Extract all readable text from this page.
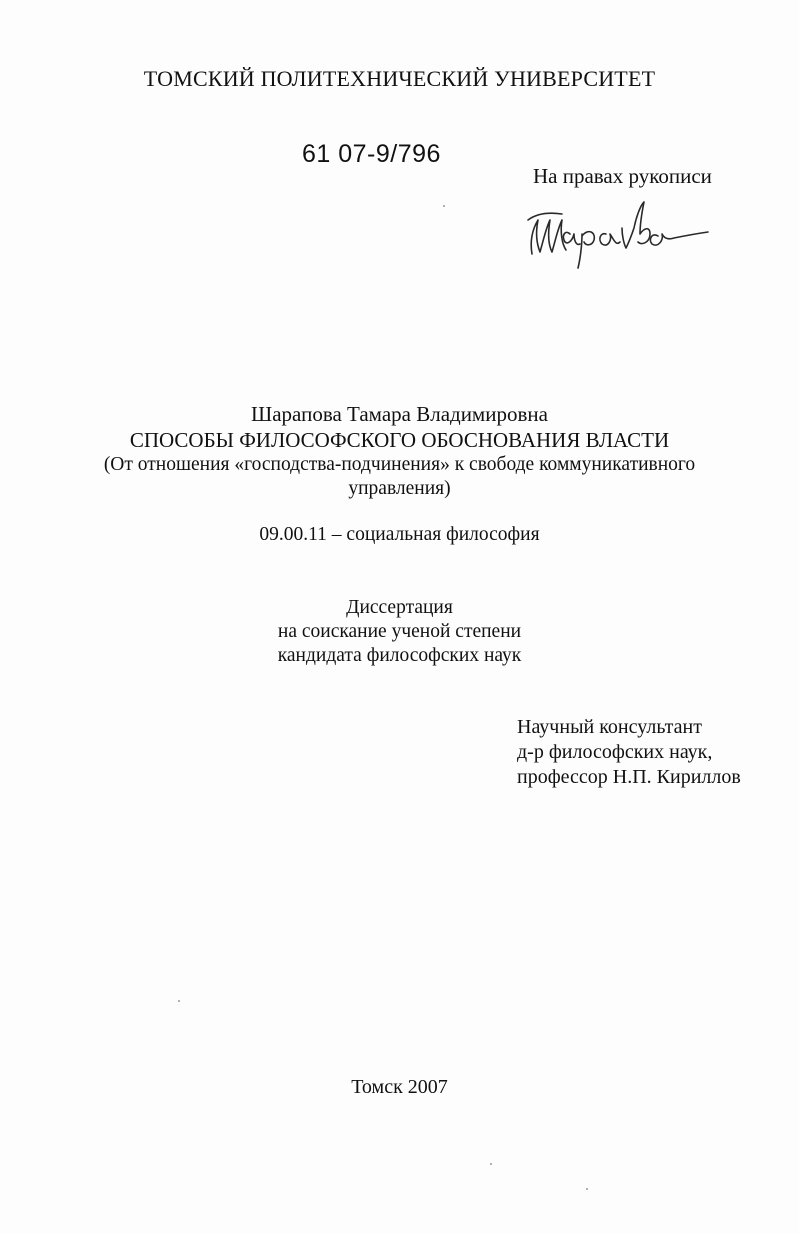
ТОМСКИЙ ПОЛИТЕХНИЧЕСКИЙ УНИВЕРСИТЕТ
61 07-9/796
На правах рукописи
Шарапова Тамара Владимировна
СПОСОБЫ ФИЛОСОФСКОГО ОБОСНОВАНИЯ ВЛАСТИ
(От отношения «господства-подчинения» к свободе коммуникативного
управления)
09.00.11 – социальная философия
Диссертация
на соискание ученой степени
кандидата философских наук
Научный консультант
д-р философских наук,
профессор Н.П. Кириллов
Томск 2007
